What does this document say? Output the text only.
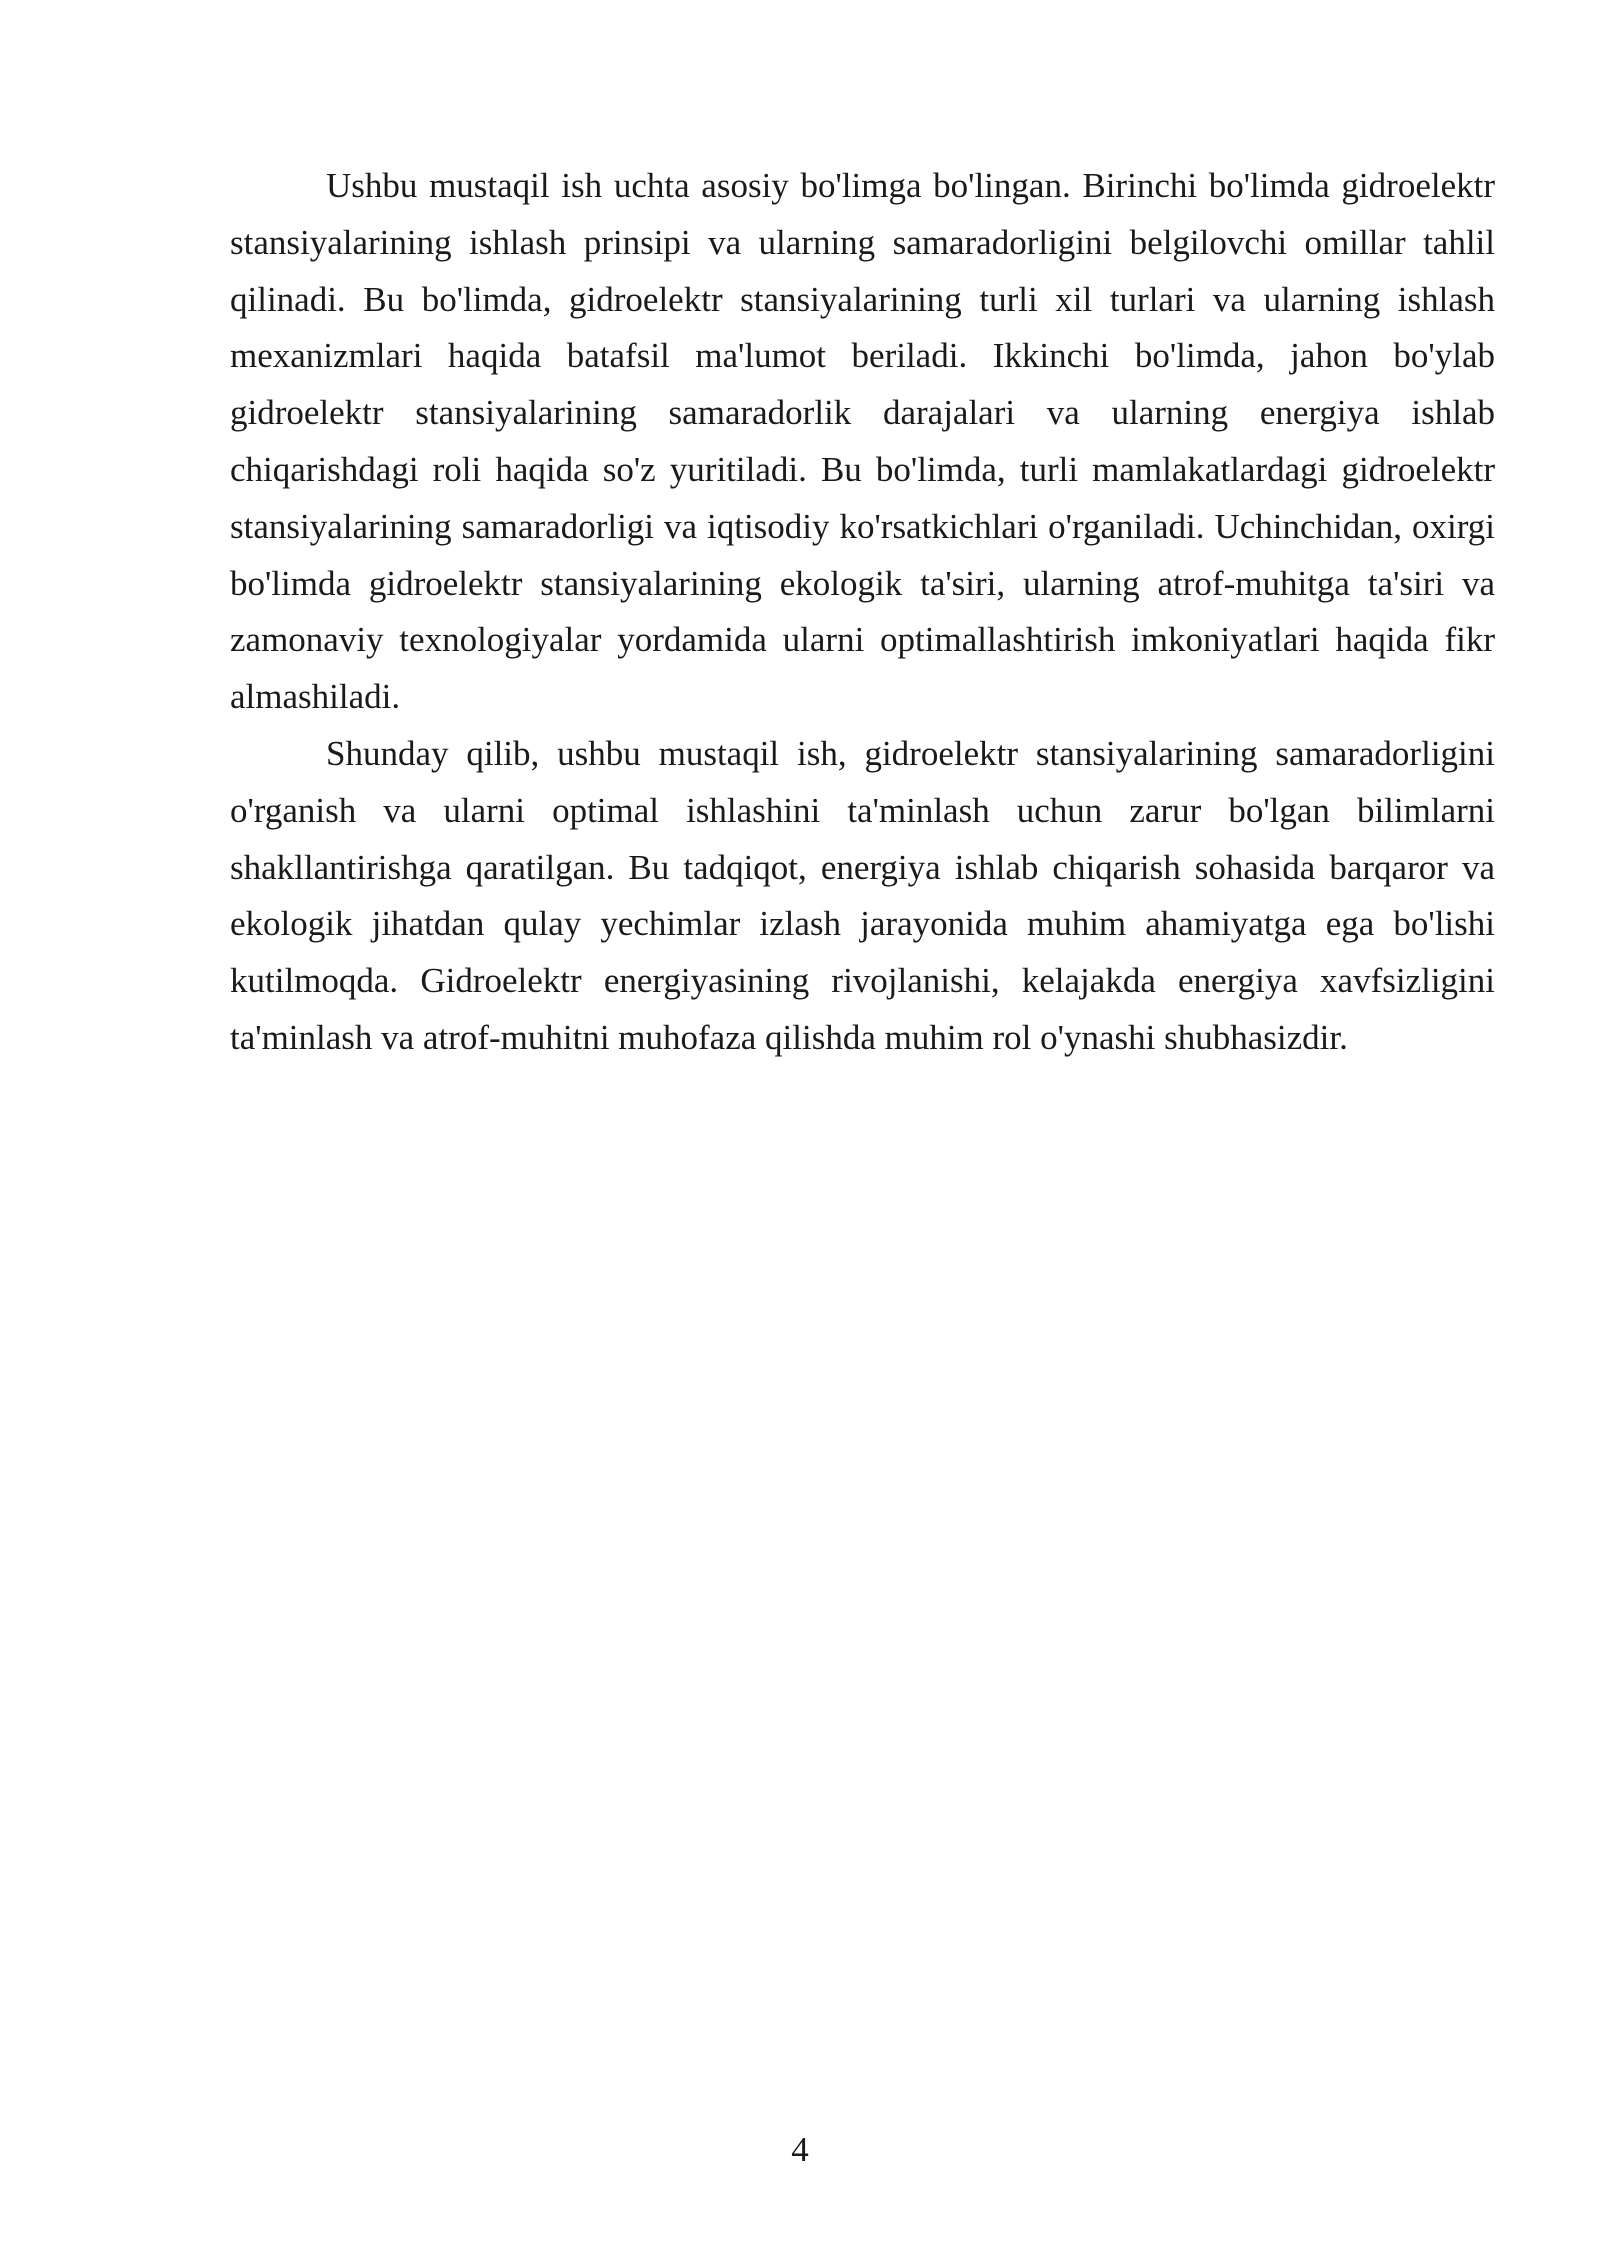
Ushbu mustaqil ish uchta asosiy bo'limga bo'lingan. Birinchi bo'limda gidroelektr stansiyalarining ishlash prinsipi va ularning samaradorligini belgilovchi omillar tahlil qilinadi. Bu bo'limda, gidroelektr stansiyalarining turli xil turlari va ularning ishlash mexanizmlari haqida batafsil ma'lumot beriladi. Ikkinchi bo'limda, jahon bo'ylab gidroelektr stansiyalarining samaradorlik darajalari va ularning energiya ishlab chiqarishdagi roli haqida so'z yuritiladi. Bu bo'limda, turli mamlakatlardagi gidroelektr stansiyalarining samaradorligi va iqtisodiy ko'rsatkichlari o'rganiladi. Uchinchidan, oxirgi bo'limda gidroelektr stansiyalarining ekologik ta'siri, ularning atrof-muhitga ta'siri va zamonaviy texnologiyalar yordamida ularni optimallashtirish imkoniyatlari haqida fikr almashiladi.

Shunday qilib, ushbu mustaqil ish, gidroelektr stansiyalarining samaradorligini o'rganish va ularni optimal ishlashini ta'minlash uchun zarur bo'lgan bilimlarni shakllantirishga qaratilgan. Bu tadqiqot, energiya ishlab chiqarish sohasida barqaror va ekologik jihatdan qulay yechimlar izlash jarayonida muhim ahamiyatga ega bo'lishi kutilmoqda. Gidroelektr energiyasining rivojlanishi, kelajakda energiya xavfsizligini ta'minlash va atrof-muhitni muhofaza qilishda muhim rol o'ynashi shubhasizdir.

4
